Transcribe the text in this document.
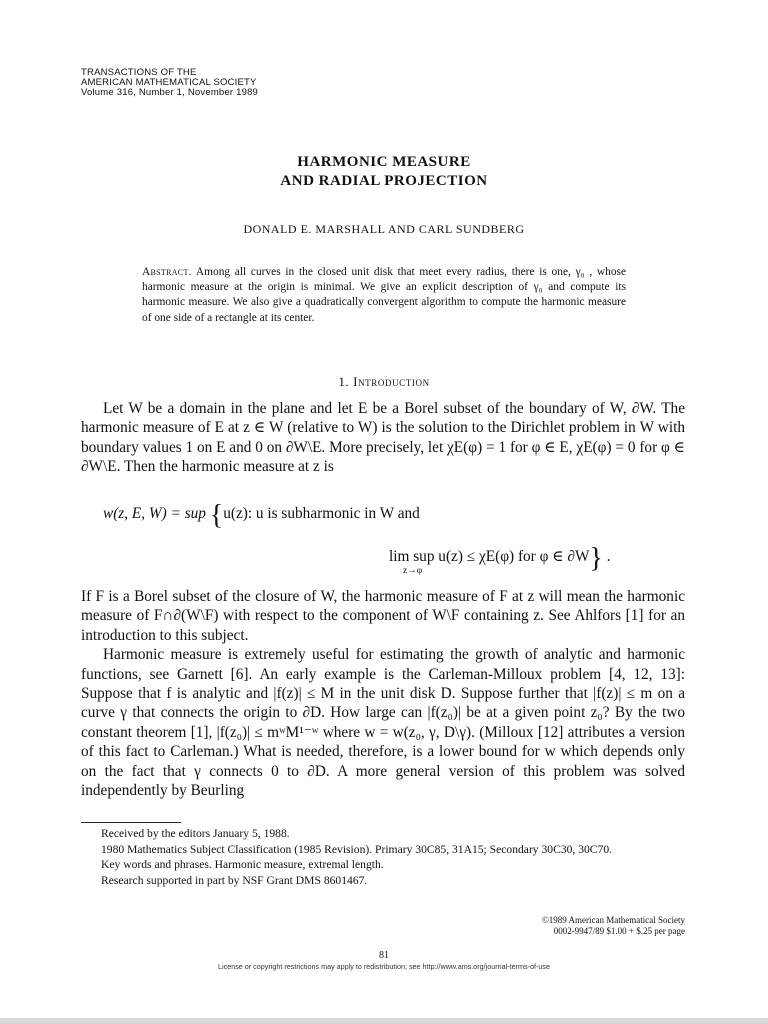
TRANSACTIONS OF THE
AMERICAN MATHEMATICAL SOCIETY
Volume 316, Number 1, November 1989
HARMONIC MEASURE
AND RADIAL PROJECTION
DONALD E. MARSHALL AND CARL SUNDBERG
Abstract. Among all curves in the closed unit disk that meet every radius, there is one, γ₀ , whose harmonic measure at the origin is minimal. We give an explicit description of γ₀ and compute its harmonic measure. We also give a quadratically convergent algorithm to compute the harmonic measure of one side of a rectangle at its center.
1. Introduction

Let W be a domain in the plane and let E be a Borel subset of the boundary of W, ∂W. The harmonic measure of E at z ∈ W (relative to W) is the solution to the Dirichlet problem in W with boundary values 1 on E and 0 on ∂W\E. More precisely, let χE(φ) = 1 for φ ∈ E, χE(φ) = 0 for φ ∈ ∂W\E. Then the harmonic measure at z is

w(z, E, W) = sup {u(z): u is subharmonic in W and
lim sup u(z) ≤ χE(φ) for φ ∈ ∂W} .
z→φ

If F is a Borel subset of the closure of W, the harmonic measure of F at z will mean the harmonic measure of F∩∂(W\F) with respect to the component of W\F containing z. See Ahlfors [1] for an introduction to this subject.

Harmonic measure is extremely useful for estimating the growth of analytic and harmonic functions, see Garnett [6]. An early example is the Carleman-Milloux problem [4, 12, 13]: Suppose that f is analytic and |f(z)| ≤ M in the unit disk D. Suppose further that |f(z)| ≤ m on a curve γ that connects the origin to ∂D. How large can |f(z₀)| be at a given point z₀? By the two constant theorem [1], |f(z₀)| ≤ mʷM¹⁻ʷ where w = w(z₀, γ, D\γ). (Milloux [12] attributes a version of this fact to Carleman.) What is needed, therefore, is a lower bound for w which depends only on the fact that γ connects 0 to ∂D. A more general version of this problem was solved independently by Beurling

Received by the editors January 5, 1988.
1980 Mathematics Subject Classification (1985 Revision). Primary 30C85, 31A15; Secondary 30C30, 30C70.
Key words and phrases. Harmonic measure, extremal length.
Research supported in part by NSF Grant DMS 8601467.
©1989 American Mathematical Society
0002-9947/89 $1.00 + $.25 per page
81
License or copyright restrictions may apply to redistribution; see http://www.ams.org/journal-terms-of-use
